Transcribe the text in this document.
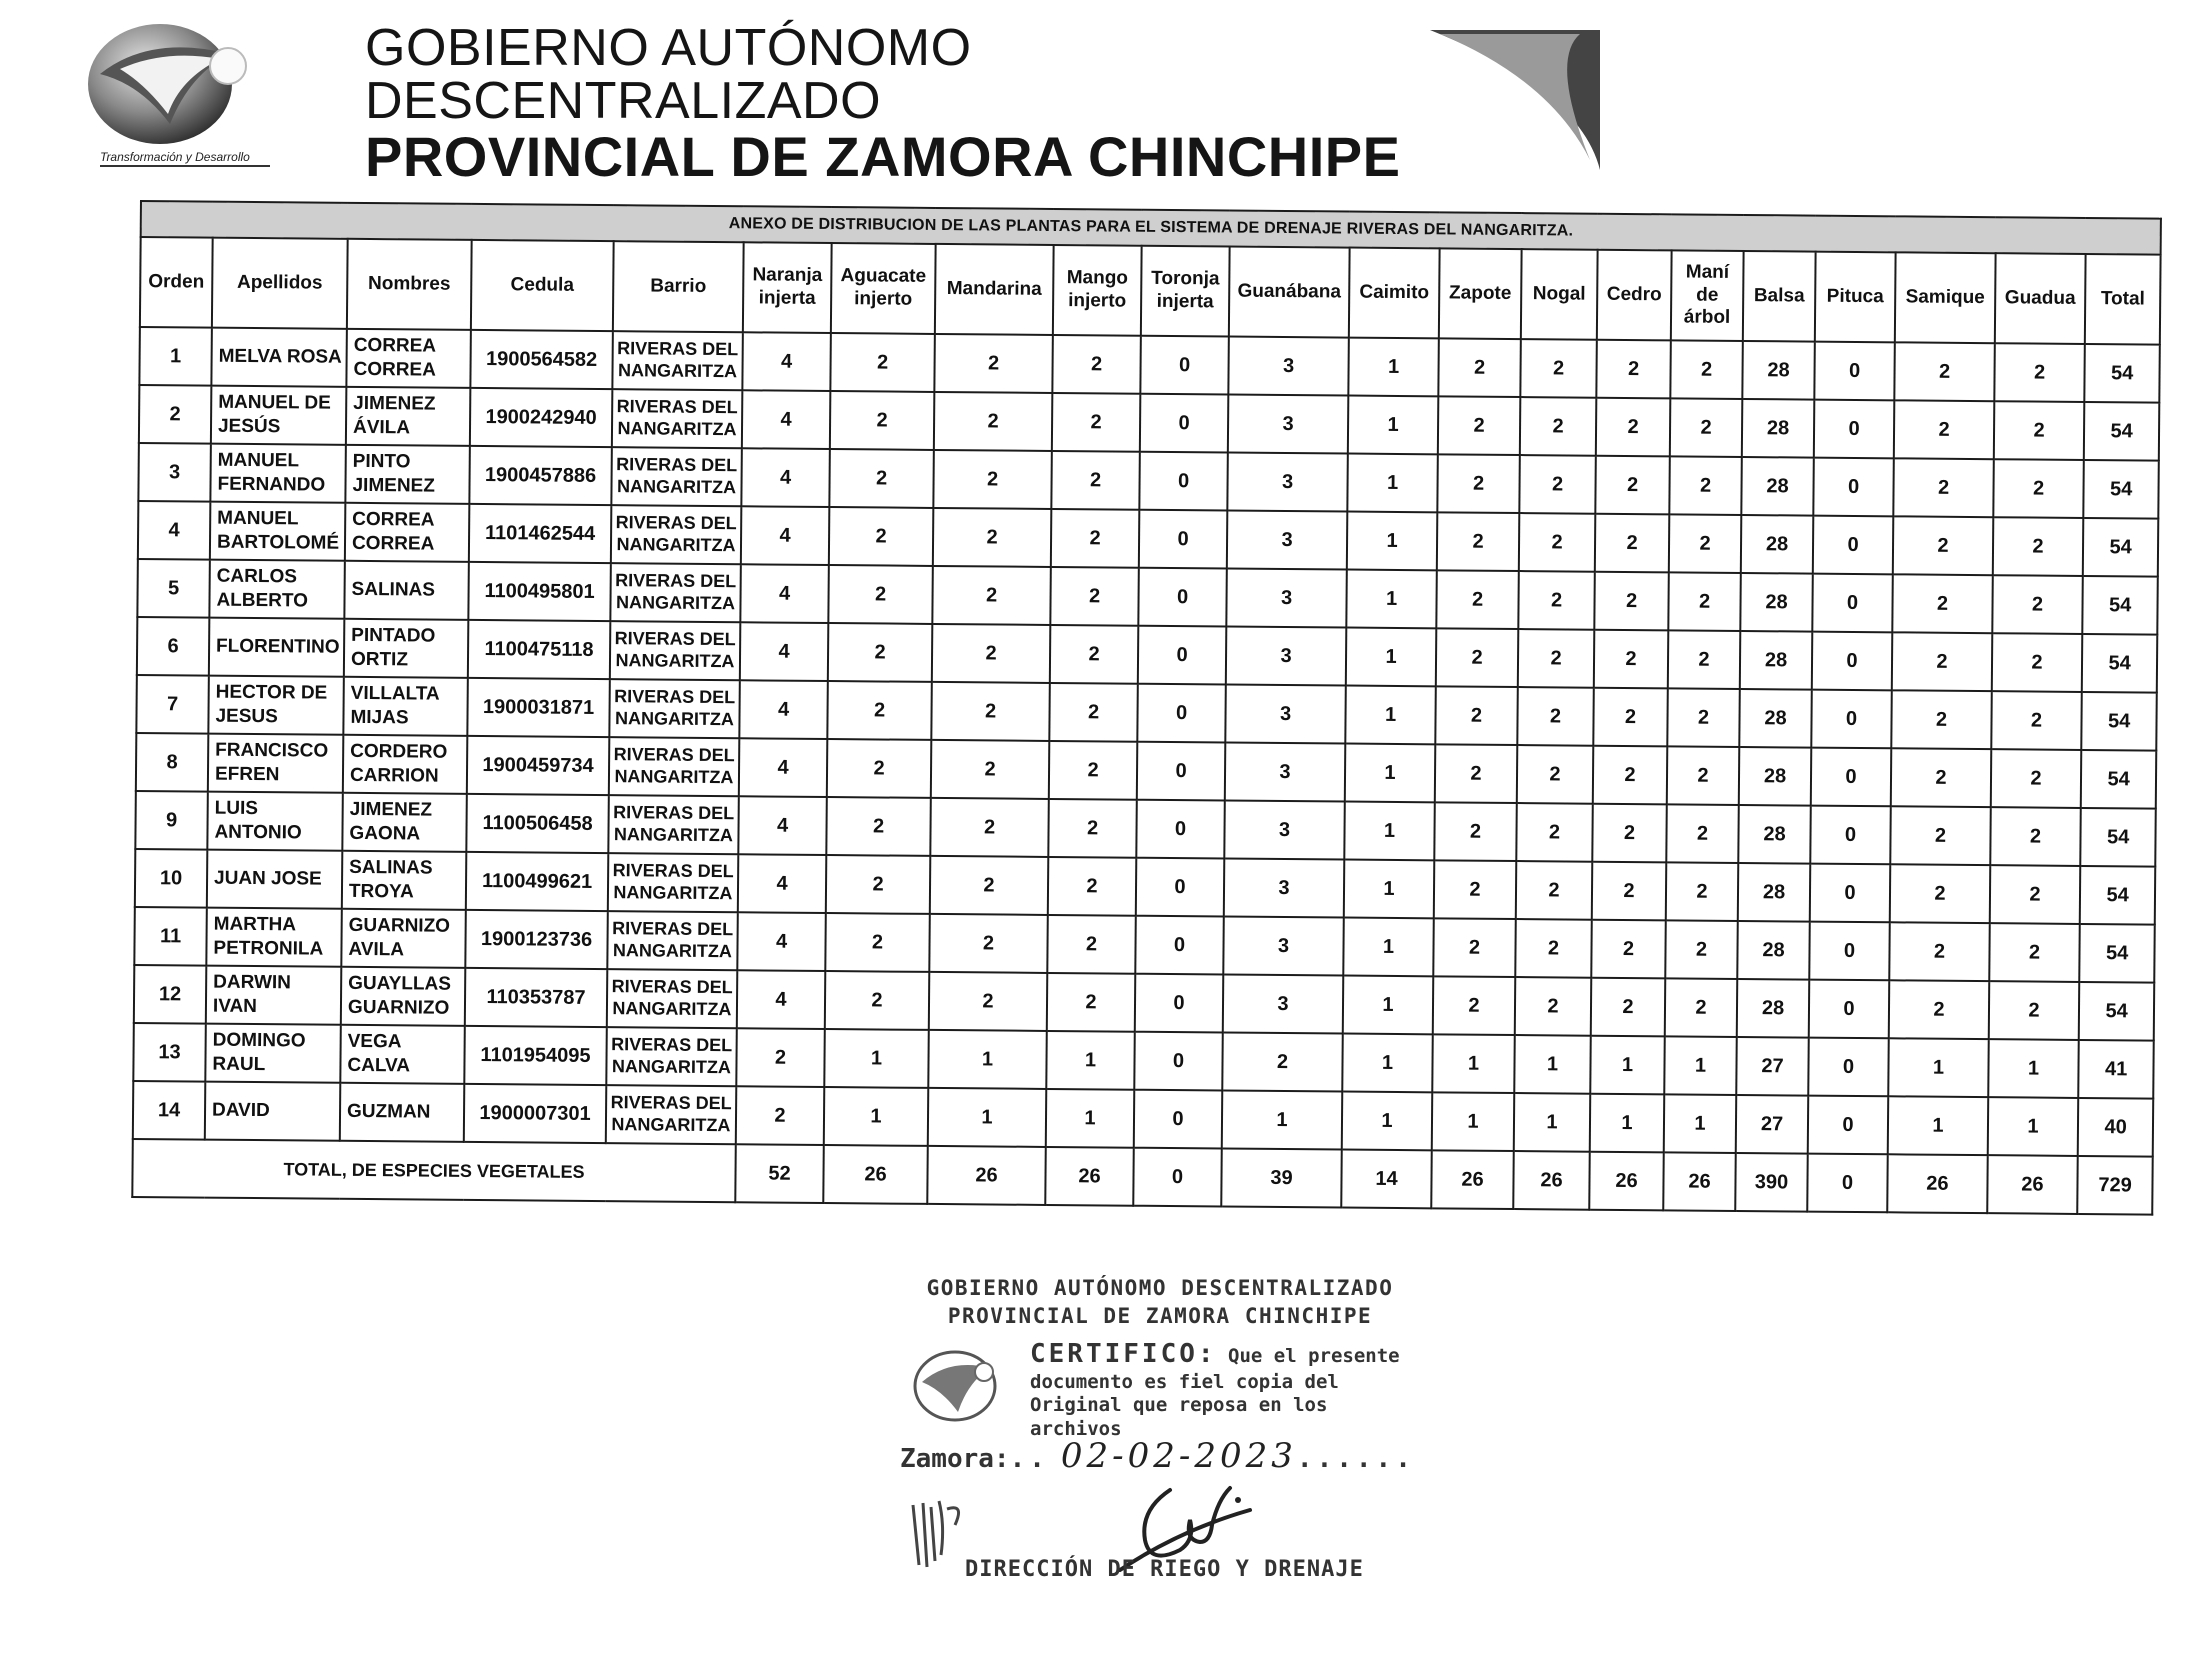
Transformación y Desarrollo
GOBIERNO AUTÓNOMO DESCENTRALIZADO
PROVINCIAL DE ZAMORA CHINCHIPE
ANEXO DE DISTRIBUCION DE LAS PLANTAS PARA EL SISTEMA DE DRENAJE RIVERAS DEL NANGARITZA.																				
Orden	Apellidos	Nombres	Cedula	Barrio	Naranja injerta	Aguacate injerto	Mandarina	Mango injerto	Toronja injerta	Guanábana	Caimito	Zapote	Nogal	Cedro	Maní de árbol	Balsa	Pituca	Samique	Guadua	Total
1	MELVA ROSA	CORREA CORREA	1900564582	RIVERAS DEL NANGARITZA	4	2	2	2	0	3	1	2	2	2	2	28	0	2	2	54
2	MANUEL DE JESÚS	JIMENEZ ÁVILA	1900242940	RIVERAS DEL NANGARITZA	4	2	2	2	0	3	1	2	2	2	2	28	0	2	2	54
3	MANUEL FERNANDO	PINTO JIMENEZ	1900457886	RIVERAS DEL NANGARITZA	4	2	2	2	0	3	1	2	2	2	2	28	0	2	2	54
4	MANUEL BARTOLOMÉ	CORREA CORREA	1101462544	RIVERAS DEL NANGARITZA	4	2	2	2	0	3	1	2	2	2	2	28	0	2	2	54
5	CARLOS ALBERTO	SALINAS	1100495801	RIVERAS DEL NANGARITZA	4	2	2	2	0	3	1	2	2	2	2	28	0	2	2	54
6	FLORENTINO	PINTADO ORTIZ	1100475118	RIVERAS DEL NANGARITZA	4	2	2	2	0	3	1	2	2	2	2	28	0	2	2	54
7	HECTOR DE JESUS	VILLALTA MIJAS	1900031871	RIVERAS DEL NANGARITZA	4	2	2	2	0	3	1	2	2	2	2	28	0	2	2	54
8	FRANCISCO EFREN	CORDERO CARRION	1900459734	RIVERAS DEL NANGARITZA	4	2	2	2	0	3	1	2	2	2	2	28	0	2	2	54
9	LUIS ANTONIO	JIMENEZ GAONA	1100506458	RIVERAS DEL NANGARITZA	4	2	2	2	0	3	1	2	2	2	2	28	0	2	2	54
10	JUAN JOSE	SALINAS TROYA	1100499621	RIVERAS DEL NANGARITZA	4	2	2	2	0	3	1	2	2	2	2	28	0	2	2	54
11	MARTHA PETRONILA	GUARNIZO AVILA	1900123736	RIVERAS DEL NANGARITZA	4	2	2	2	0	3	1	2	2	2	2	28	0	2	2	54
12	DARWIN IVAN	GUAYLLAS GUARNIZO	110353787	RIVERAS DEL NANGARITZA	4	2	2	2	0	3	1	2	2	2	2	28	0	2	2	54
13	DOMINGO RAUL	VEGA CALVA	1101954095	RIVERAS DEL NANGARITZA	2	1	1	1	0	2	1	1	1	1	1	27	0	1	1	41
14	DAVID	GUZMAN	1900007301	RIVERAS DEL NANGARITZA	2	1	1	1	0	1	1	1	1	1	1	27	0	1	1	40
TOTAL, DE ESPECIES VEGETALES					52	26	26	26	0	39	14	26	26	26	26	390	0	26	26	729
GOBIERNO AUTÓNOMO DESCENTRALIZADO
PROVINCIAL DE ZAMORA CHINCHIPE
CERTIFICO: Que el presente
documento es fiel copia del
Original que reposa en los archivos
Zamora:.. 02-02-2023......
DIRECCIÓN DE RIEGO Y DRENAJE
